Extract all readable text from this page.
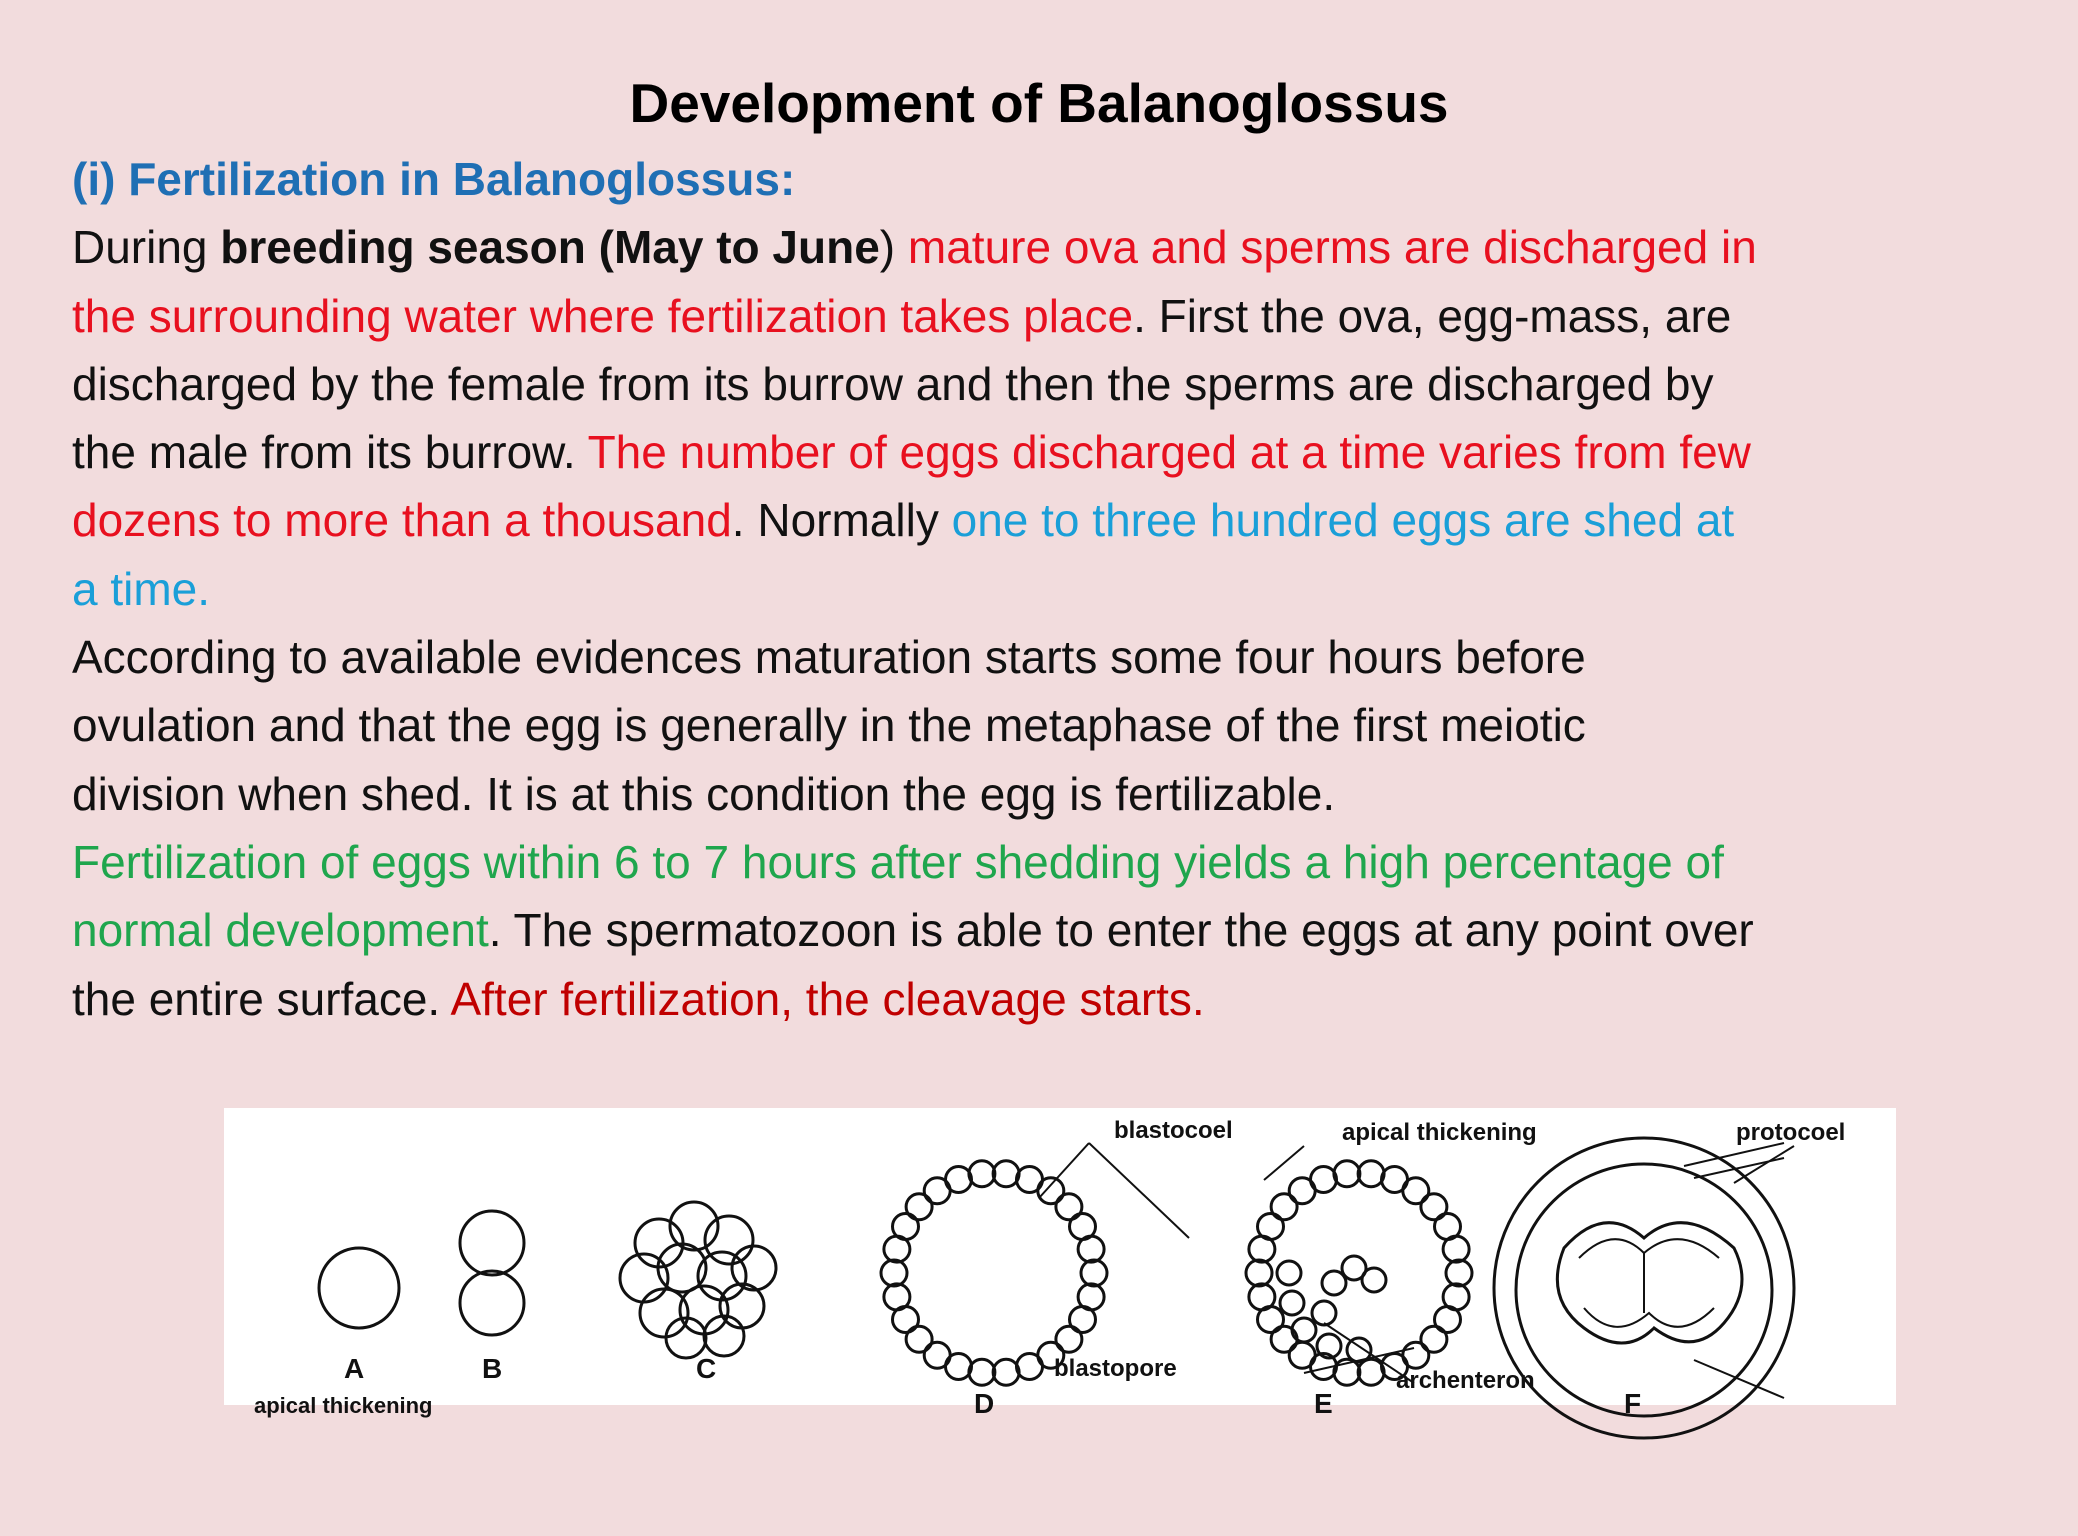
Development of Balanoglossus
(i) Fertilization in Balanoglossus:
During breeding season (May to June) mature ova and sperms are discharged in
the surrounding water where fertilization takes place. First the ova, egg-mass, are
discharged by the female from its burrow and then the sperms are discharged by
the male from its burrow. The number of eggs discharged at a time varies from few
dozens to more than a thousand. Normally one to three hundred eggs are shed at
a time.
According to available evidences maturation starts some four hours before
ovulation and that the egg is generally in the metaphase of the first meiotic
division when shed. It is at this condition the egg is fertilizable.
Fertilization of eggs within 6 to 7 hours after shedding yields a high percentage of
normal development. The spermatozoon is able to enter the eggs at any point over
the entire surface. After fertilization, the cleavage starts.
blastocoel	apical thickening	protocoel
blastopore	archenteron
A	B	C
D	E	F
apical thickening
